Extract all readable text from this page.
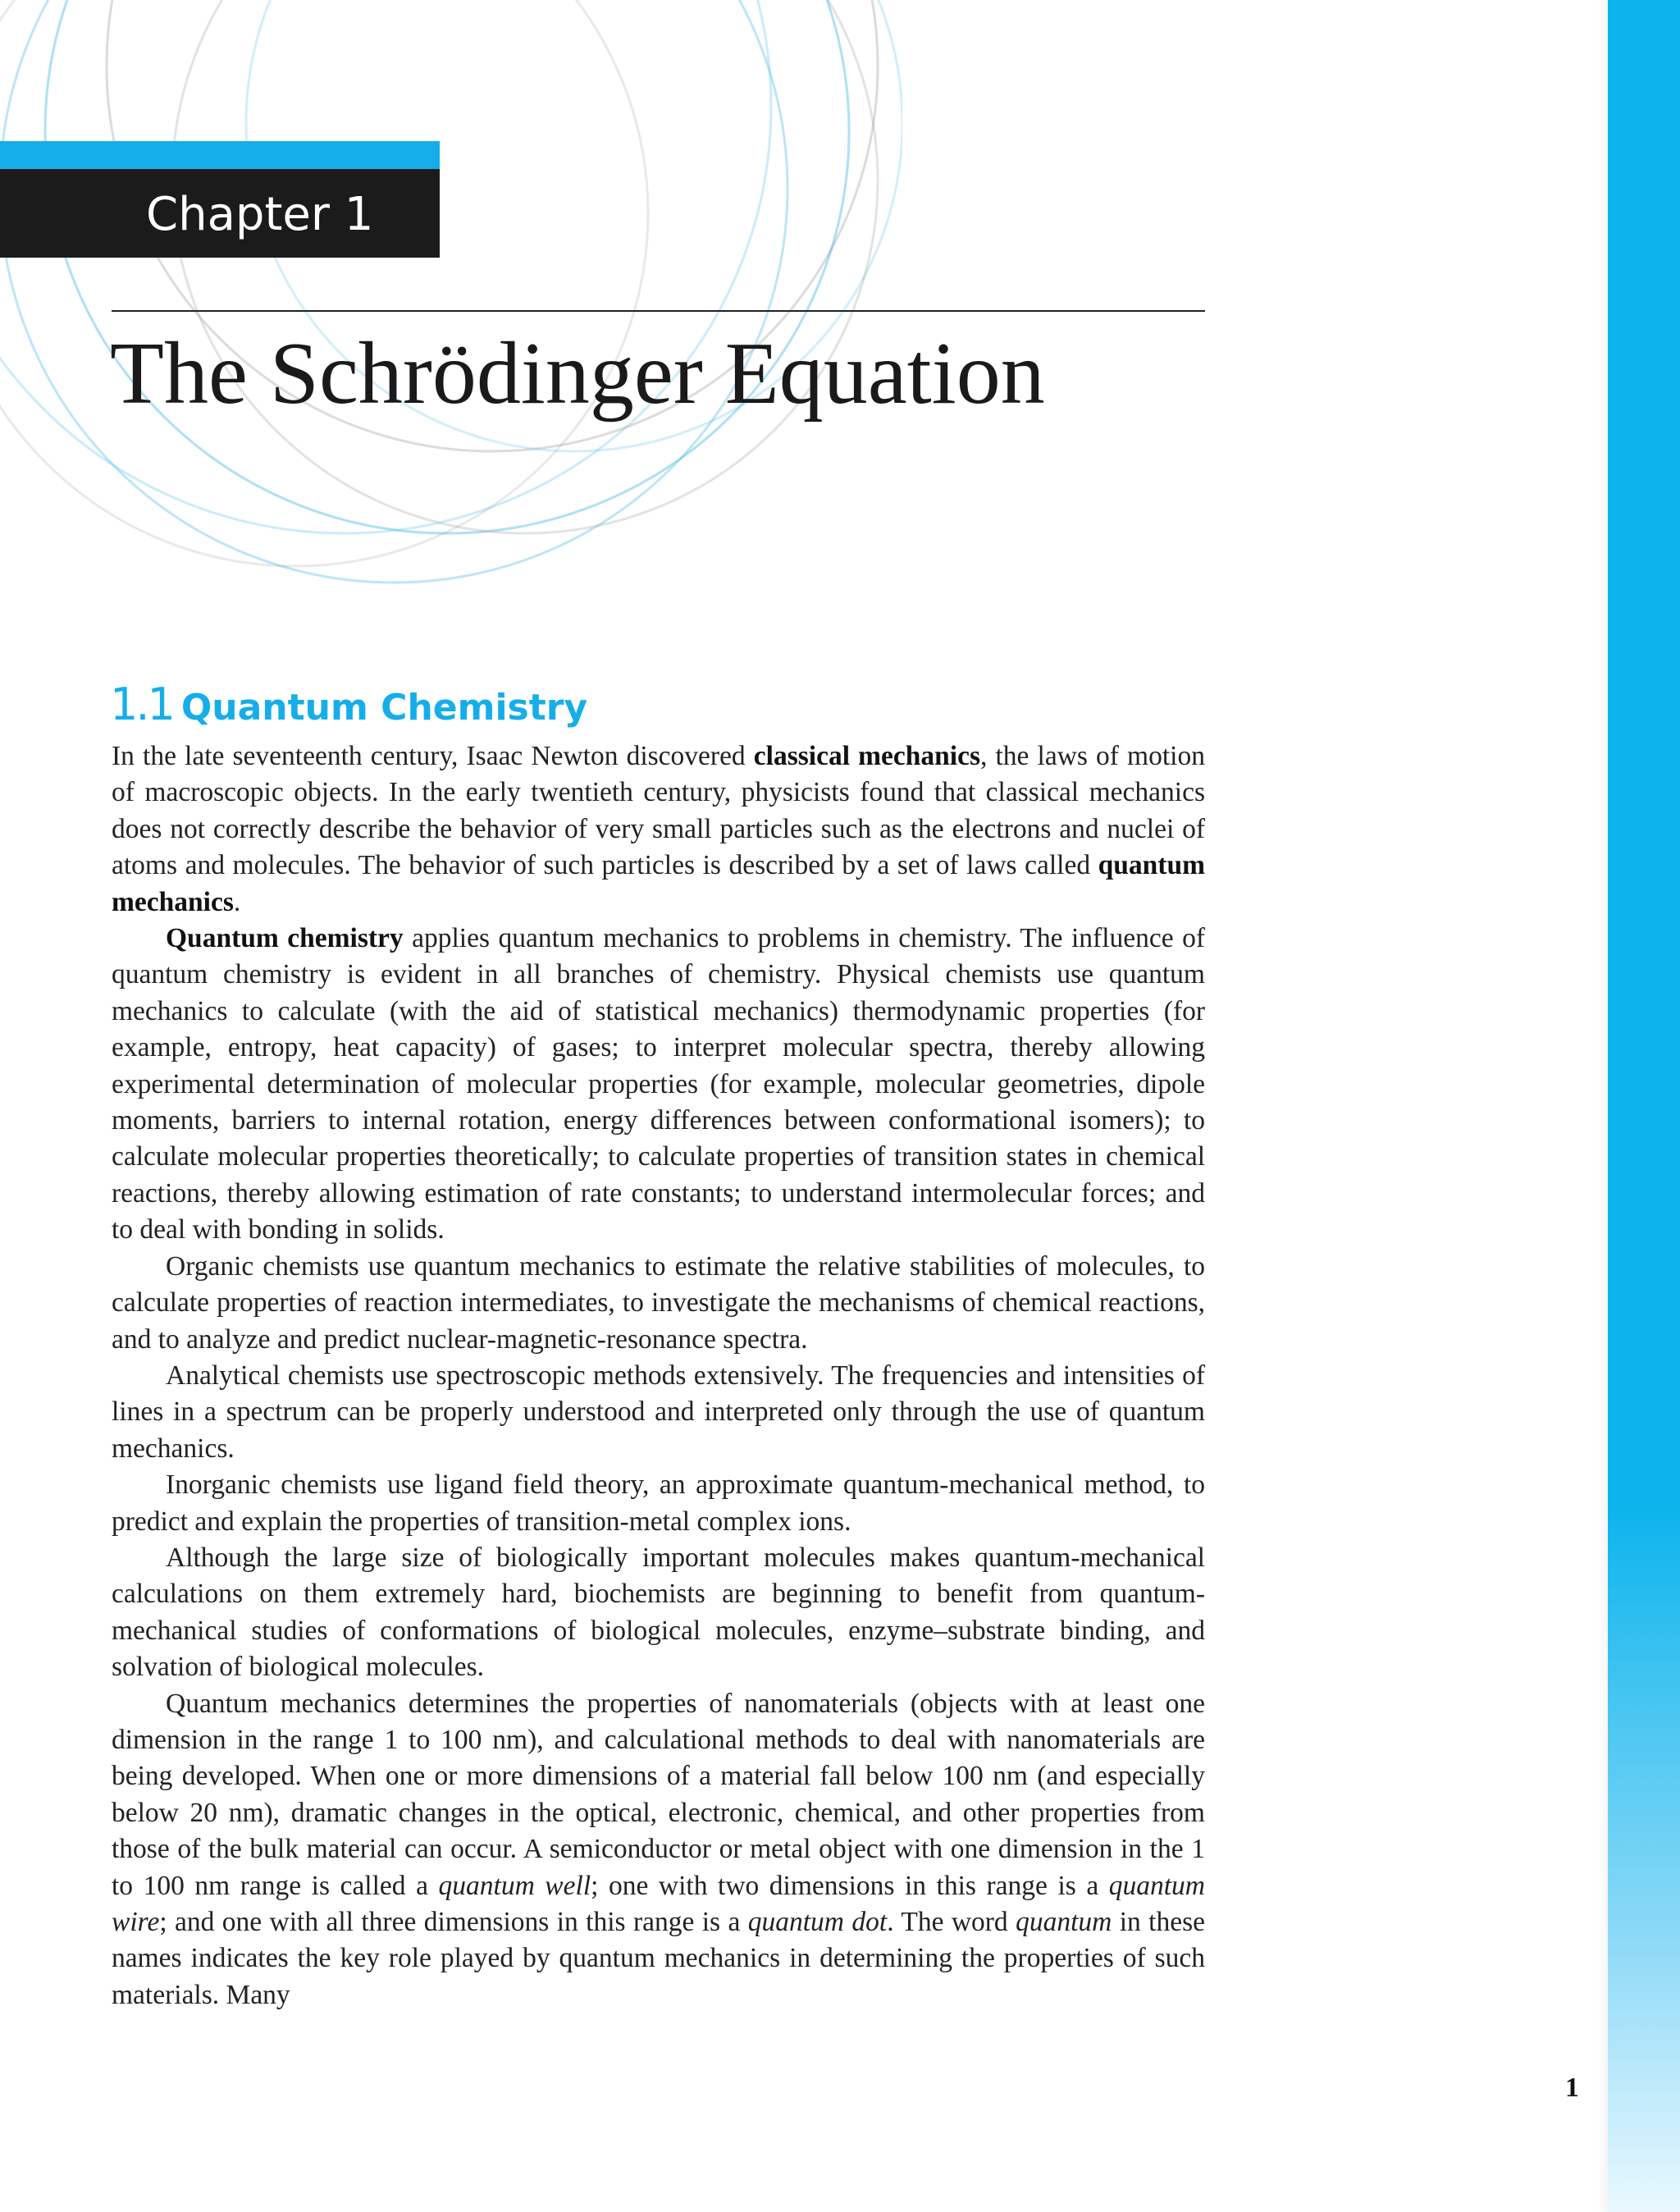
Chapter 1
The Schrödinger Equation
1.1 Quantum Chemistry

In the late seventeenth century, Isaac Newton discovered classical mechanics, the laws of motion of macroscopic objects. In the early twentieth century, physicists found that classical mechanics does not correctly describe the behavior of very small particles such as the electrons and nuclei of atoms and molecules. The behavior of such particles is described by a set of laws called quantum mechanics.

Quantum chemistry applies quantum mechanics to problems in chemistry. The influence of quantum chemistry is evident in all branches of chemistry. Physical chemists use quantum mechanics to calculate (with the aid of statistical mechanics) thermodynamic properties (for example, entropy, heat capacity) of gases; to interpret molecular spectra, thereby allowing experimental determination of molecular properties (for example, molecular geometries, dipole moments, barriers to internal rotation, energy differences between conformational isomers); to calculate molecular properties theoretically; to calculate properties of transition states in chemical reactions, thereby allowing estimation of rate constants; to understand intermolecular forces; and to deal with bonding in solids.

Organic chemists use quantum mechanics to estimate the relative stabilities of molecules, to calculate properties of reaction intermediates, to investigate the mechanisms of chemical reactions, and to analyze and predict nuclear-magnetic-resonance spectra.

Analytical chemists use spectroscopic methods extensively. The frequencies and intensities of lines in a spectrum can be properly understood and interpreted only through the use of quantum mechanics.

Inorganic chemists use ligand field theory, an approximate quantum-mechanical method, to predict and explain the properties of transition-metal complex ions.

Although the large size of biologically important molecules makes quantum-mechanical calculations on them extremely hard, biochemists are beginning to benefit from quantum-mechanical studies of conformations of biological molecules, enzyme–substrate binding, and solvation of biological molecules.

Quantum mechanics determines the properties of nanomaterials (objects with at least one dimension in the range 1 to 100 nm), and calculational methods to deal with nanomaterials are being developed. When one or more dimensions of a material fall below 100 nm (and especially below 20 nm), dramatic changes in the optical, electronic, chemical, and other properties from those of the bulk material can occur. A semiconductor or metal object with one dimension in the 1 to 100 nm range is called a quantum well; one with two dimensions in this range is a quantum wire; and one with all three dimensions in this range is a quantum dot. The word quantum in these names indicates the key role played by quantum mechanics in determining the properties of such materials. Many

1
